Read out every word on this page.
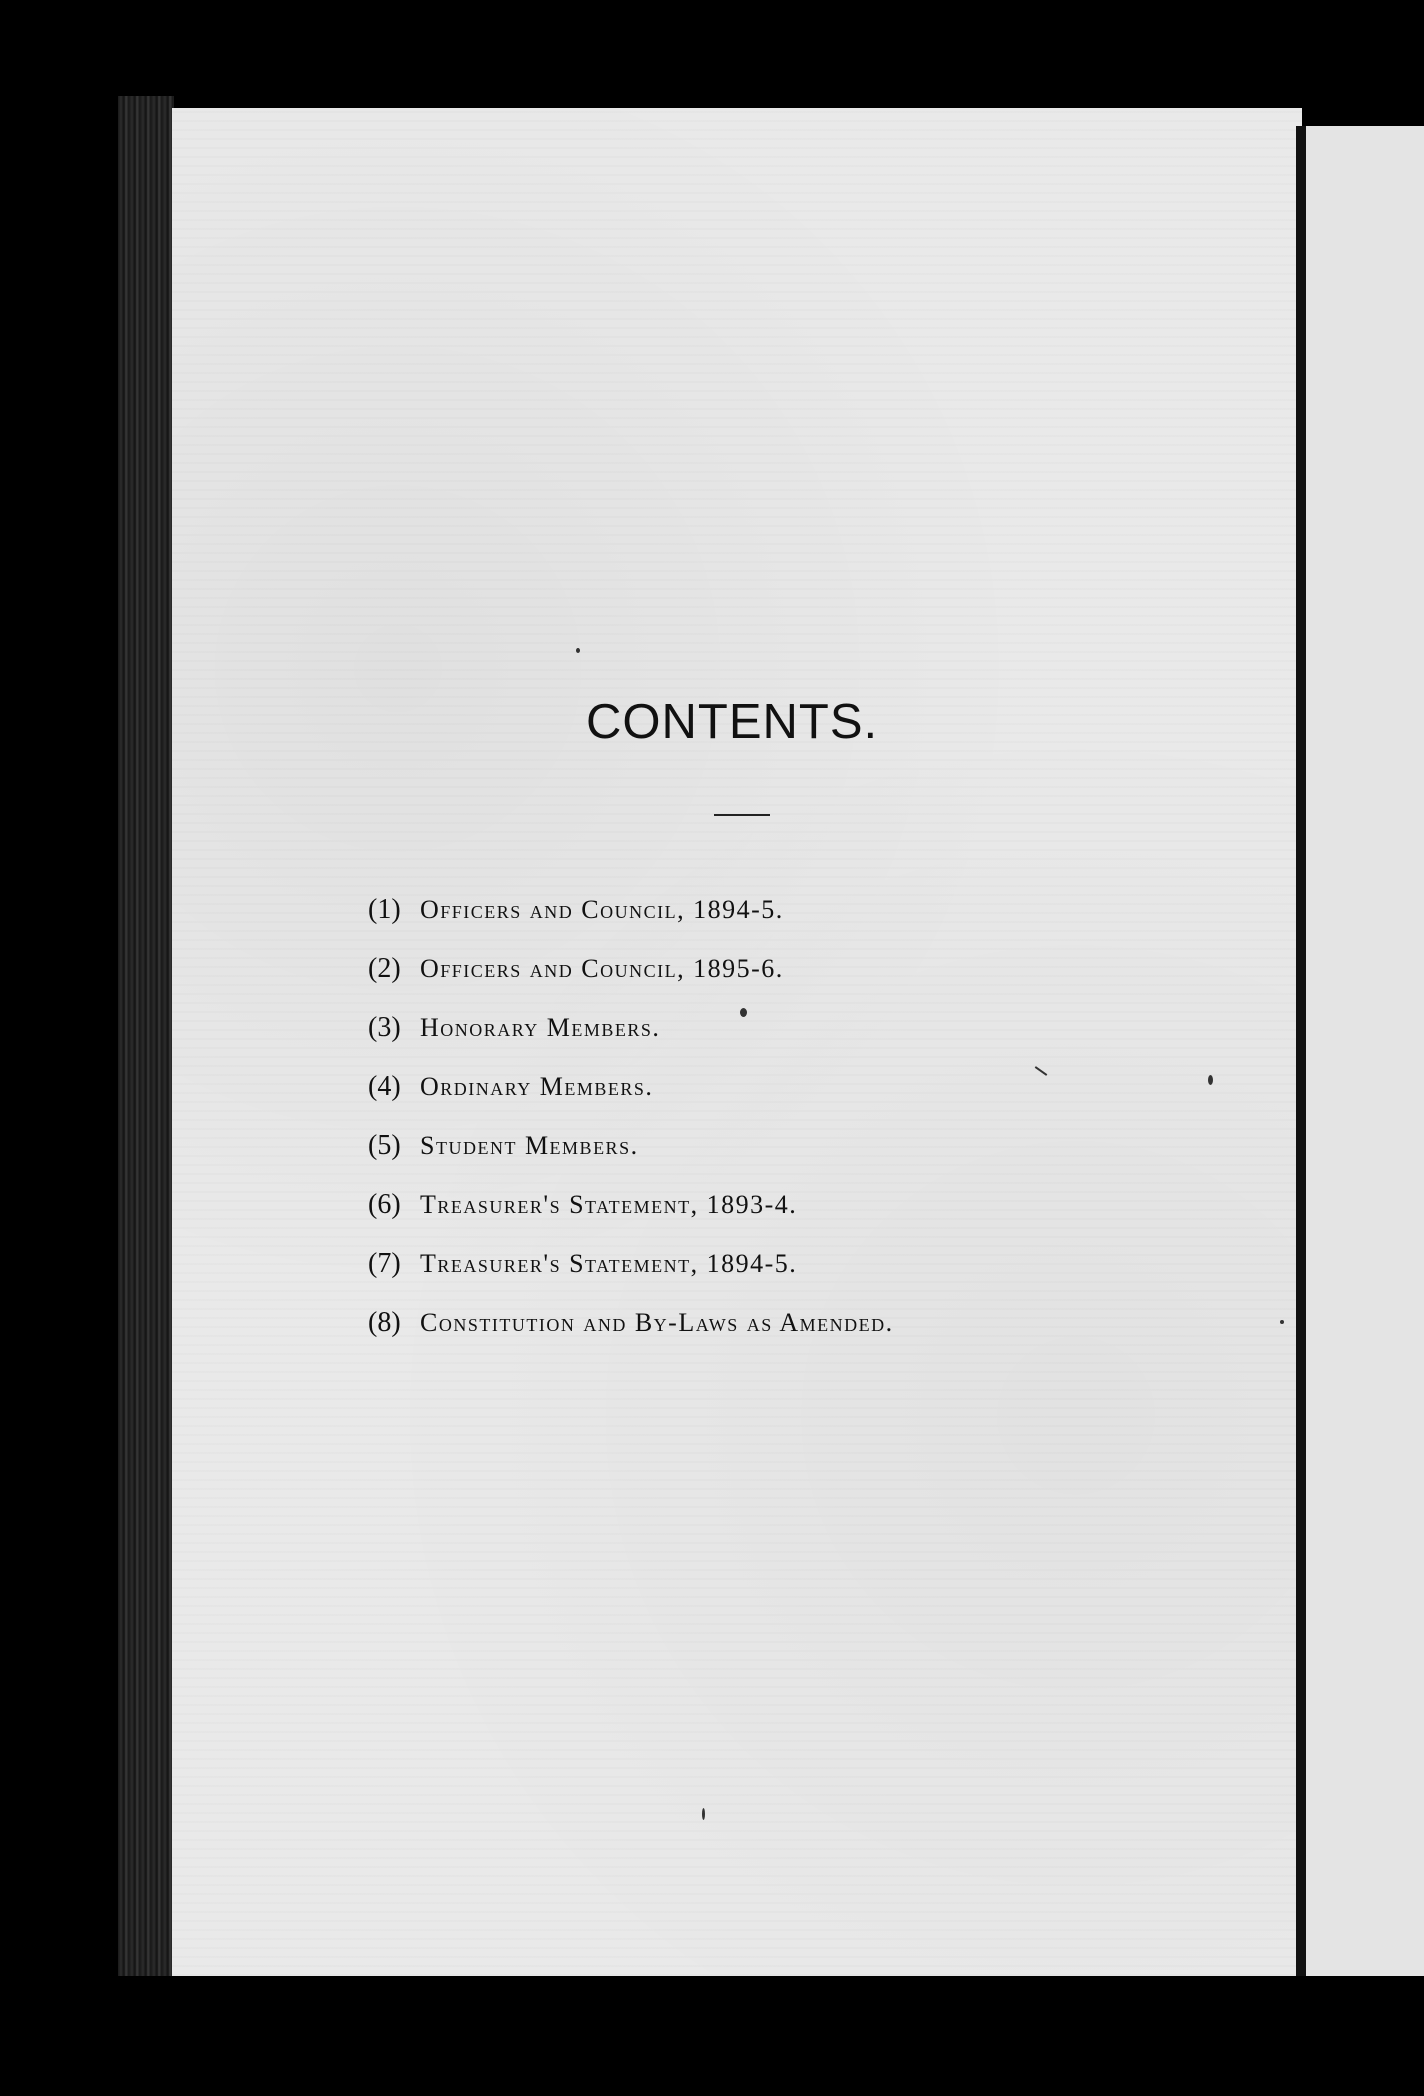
CONTENTS.
(1) Officers and Council, 1894-5.
(2) Officers and Council, 1895-6.
(3) Honorary Members.
(4) Ordinary Members.
(5) Student Members.
(6) Treasurer's Statement, 1893-4.
(7) Treasurer's Statement, 1894-5.
(8) Constitution and By-Laws as Amended.
